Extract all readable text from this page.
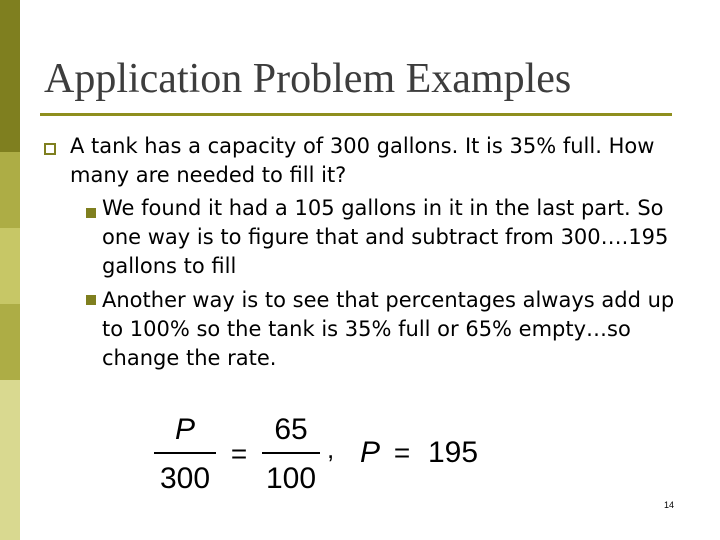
Application Problem Examples
A tank has a capacity of 300 gallons. It is 35% full. How many are needed to fill it?
We found it had a 105 gallons in it in the last part. So one way is to figure that and subtract from 300….195 gallons to fill
Another way is to see that percentages always add up to 100% so the tank is 35% full or 65% empty…so change the rate.
P
300
=
65
100
, P = 195
14
